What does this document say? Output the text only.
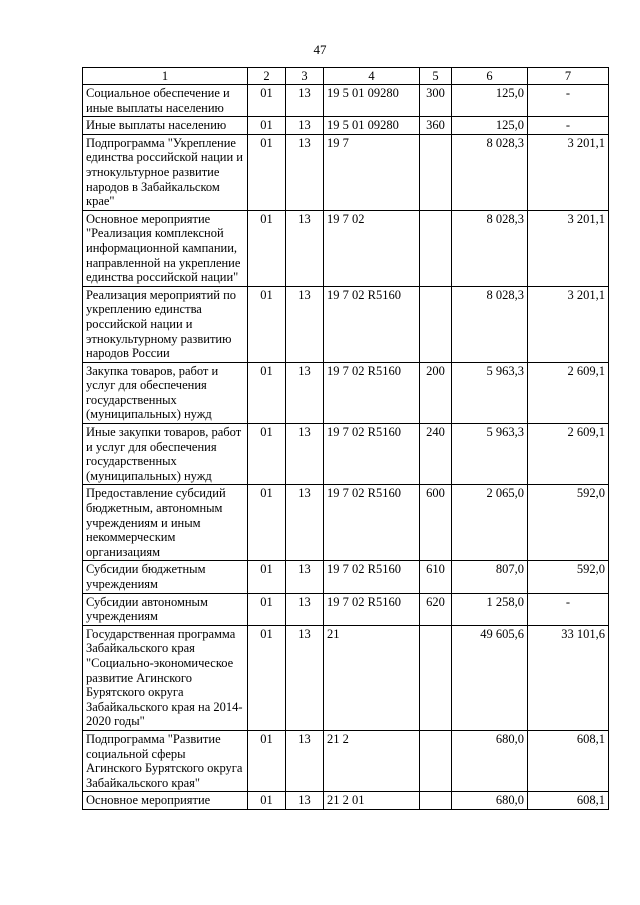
47
1	2	3	4	5	6	7
Социальное обеспечение и иные выплаты населению	01	13	19 5 01 09280	300	125,0	-
Иные выплаты населению	01	13	19 5 01 09280	360	125,0	-
Подпрограмма "Укрепление единства российской нации и этнокультурное развитие народов в Забайкальском крае"	01	13	19 7		8 028,3	3 201,1
Основное мероприятие "Реализация комплексной информационной кампании, направленной на укрепление единства российской нации"	01	13	19 7 02		8 028,3	3 201,1
Реализация мероприятий по укреплению единства российской нации и этнокультурному развитию народов России	01	13	19 7 02 R5160		8 028,3	3 201,1
Закупка товаров, работ и услуг для обеспечения государственных (муниципальных) нужд	01	13	19 7 02 R5160	200	5 963,3	2 609,1
Иные закупки товаров, работ и услуг для обеспечения государственных (муниципальных) нужд	01	13	19 7 02 R5160	240	5 963,3	2 609,1
Предоставление субсидий бюджетным, автономным учреждениям и иным некоммерческим организациям	01	13	19 7 02 R5160	600	2 065,0	592,0
Субсидии бюджетным учреждениям	01	13	19 7 02 R5160	610	807,0	592,0
Субсидии автономным учреждениям	01	13	19 7 02 R5160	620	1 258,0	-
Государственная программа Забайкальского края "Социально-экономическое развитие Агинского Бурятского округа Забайкальского края на 2014-2020 годы"	01	13	21		49 605,6	33 101,6
Подпрограмма "Развитие социальной сферы Агинского Бурятского округа Забайкальского края"	01	13	21 2		680,0	608,1
Основное мероприятие	01	13	21 2 01		680,0	608,1
